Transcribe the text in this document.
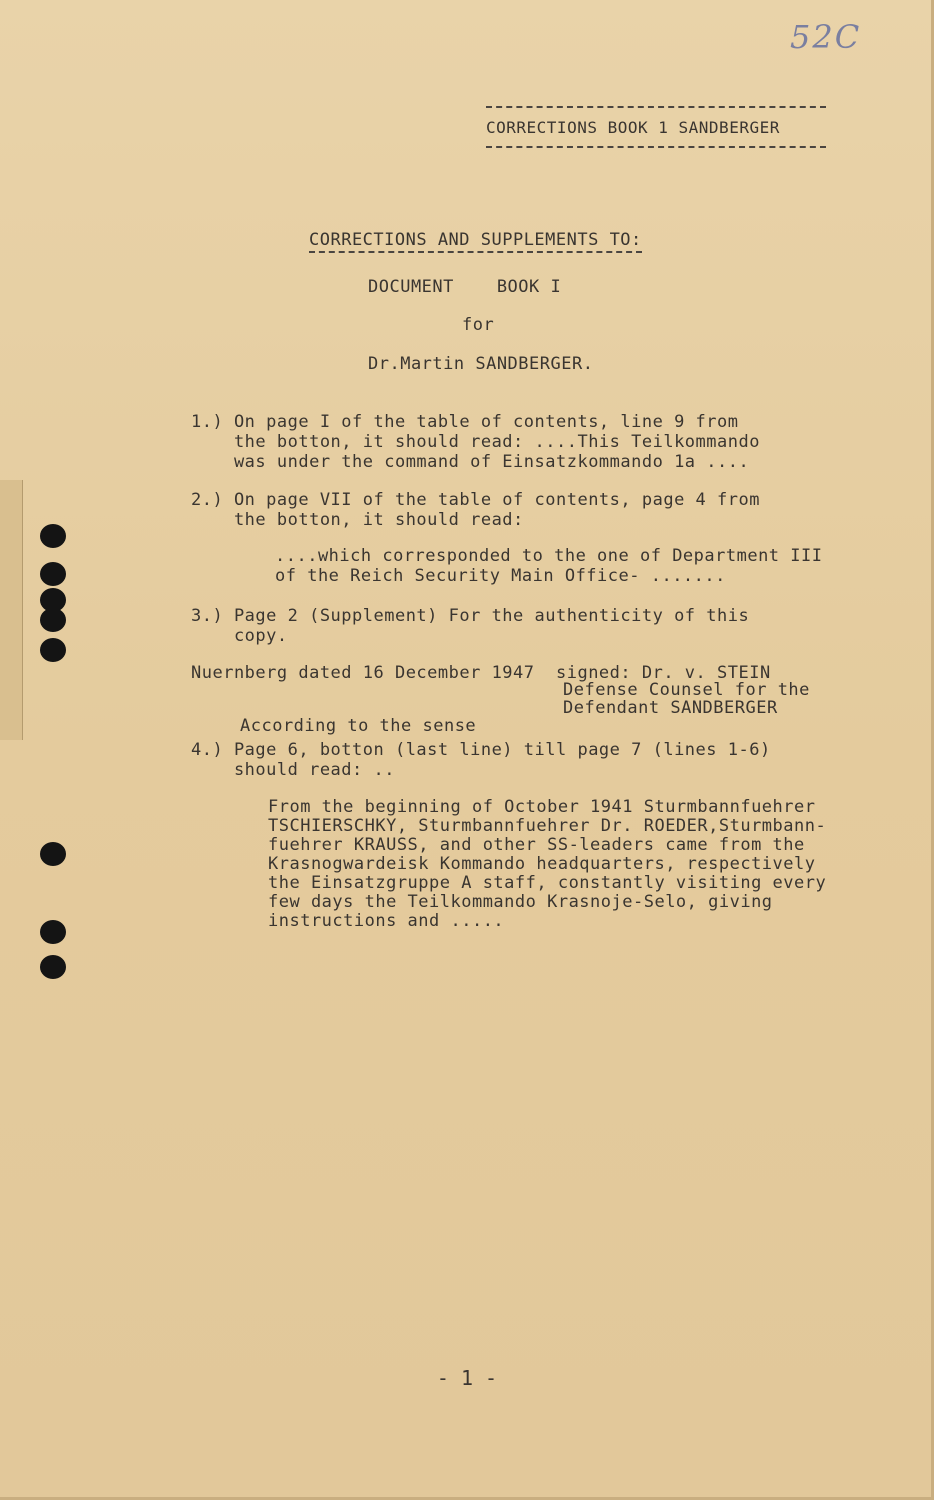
52C
CORRECTIONS BOOK 1 SANDBERGER
CORRECTIONS AND SUPPLEMENTS TO:
DOCUMENT    BOOK I
for
Dr.Martin SANDBERGER.
1.) On page I of the table of contents, line 9 from
the botton, it should read: ....This Teilkommando
was under the command of Einsatzkommando 1a ....
2.) On page VII of the table of contents, page 4 from
the botton, it should read:
....which corresponded to the one of Department III
of the Reich Security Main Office- .......
3.) Page 2 (Supplement) For the authenticity of this
copy.
Nuernberg dated 16 December 1947  signed: Dr. v. STEIN
Defense Counsel for the
Defendant SANDBERGER
According to the sense
4.) Page 6, botton (last line) till page 7 (lines 1-6)
should read: ..
From the beginning of October 1941 Sturmbannfuehrer
TSCHIERSCHKY, Sturmbannfuehrer Dr. ROEDER,Sturmbann-
fuehrer KRAUSS, and other SS-leaders came from the
Krasnogwardeisk Kommando headquarters, respectively
the Einsatzgruppe A staff, constantly visiting every
few days the Teilkommando Krasnoje-Selo, giving
instructions and .....
- 1 -
